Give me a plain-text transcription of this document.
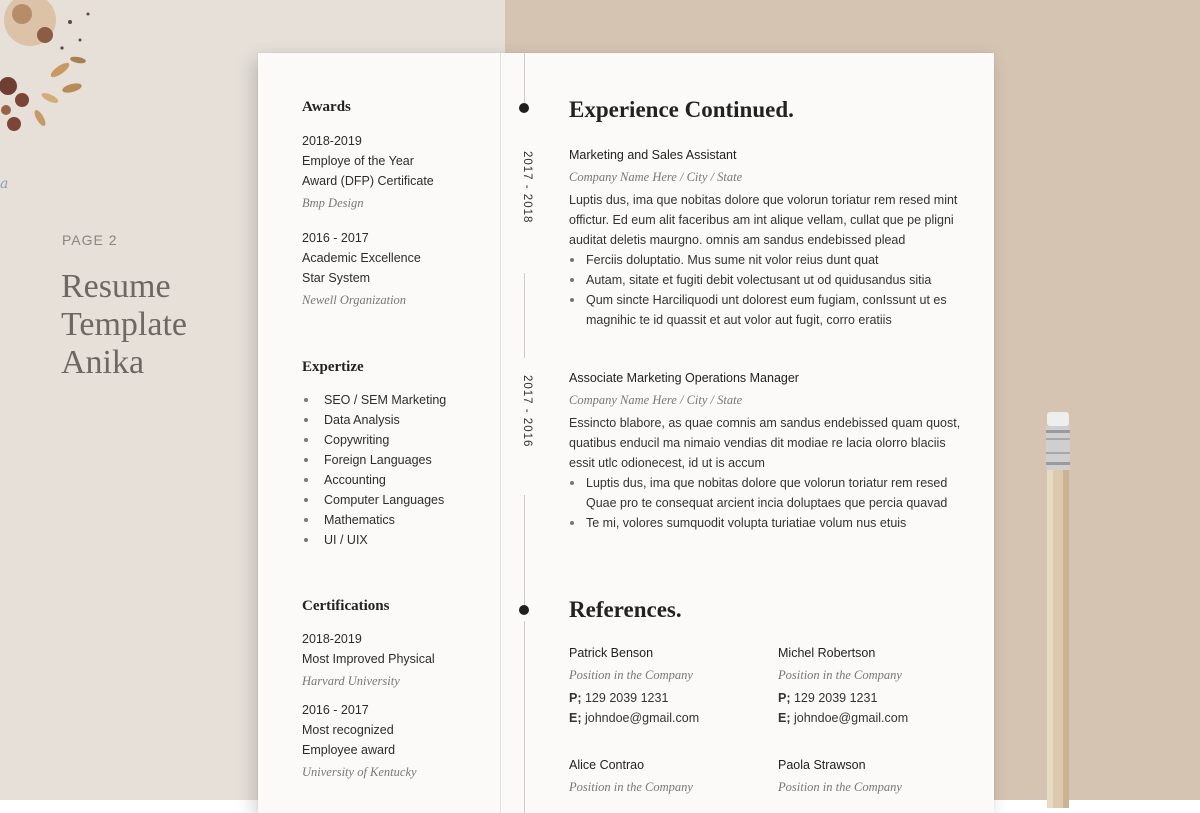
a
PAGE 2
Resume
Template
Anika
Awards
2018-2019
Employe of the Year
Award (DFP) Certificate
Bmp Design
2016 - 2017
Academic Excellence
Star System
Newell Organization
Expertize
SEO / SEM Marketing
Data Analysis
Copywriting
Foreign Languages
Accounting
Computer Languages
Mathematics
UI / UIX
Certifications
2018-2019
Most Improved Physical
Harvard University
2016 - 2017
Most recognized
Employee award
University of Kentucky
2017 - 2018
2017 - 2016
Experience Continued.
Marketing and Sales Assistant
Company Name Here / City / State
Luptis dus, ima que nobitas dolore que volorun toriatur rem resed mint
offictur. Ed eum alit faceribus am int alique vellam, cullat que pe pligni
auditat deletis maurgno. omnis am sandus endebissed plead
Ferciis doluptatio. Mus sume nit volor reius dunt quat
Autam, sitate et fugiti debit volectusant ut od quidusandus sitia
Qum sincte Harciliquodi unt dolorest eum fugiam, conIssunt ut es
magnihic te id quassit et aut volor aut fugit, corro eratiis
Associate Marketing Operations Manager
Company Name Here / City / State
Essincto blabore, as quae comnis am sandus endebissed quam quost,
quatibus enducil ma nimaio vendias dit modiae re lacia olorro blaciis
essit utlc odionecest, id ut is accum
Luptis dus, ima que nobitas dolore que volorun toriatur rem resed
Quae pro te consequat arcient incia doluptaes que percia quavad
Te mi, volores sumquodit volupta turiatiae volum nus etuis
References.
Patrick Benson
Position in the Company
P; 129 2039 1231
E; johndoe@gmail.com
Michel Robertson
Position in the Company
P; 129 2039 1231
E; johndoe@gmail.com
Alice Contrao
Position in the Company
Paola Strawson
Position in the Company
